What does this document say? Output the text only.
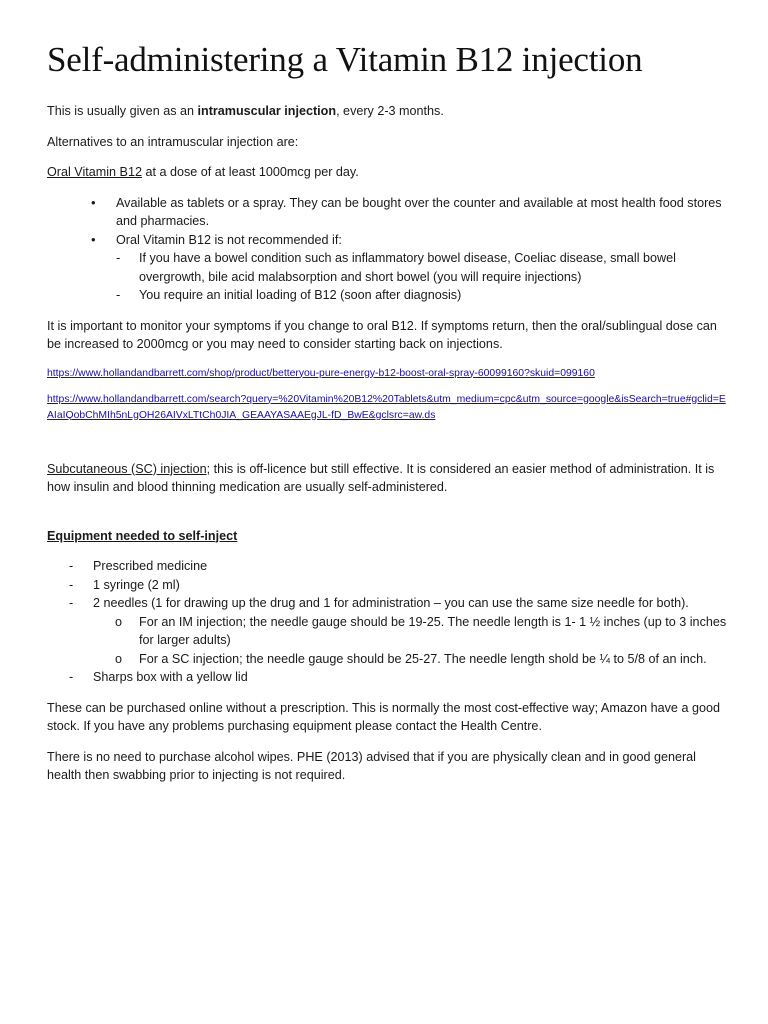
Self-administering a Vitamin B12 injection

This is usually given as an intramuscular injection, every 2-3 months.

Alternatives to an intramuscular injection are:

Oral Vitamin B12 at a dose of at least 1000mcg per day.

• Available as tablets or a spray. They can be bought over the counter and available at most health food stores and pharmacies.
• Oral Vitamin B12 is not recommended if:
- If you have a bowel condition such as inflammatory bowel disease, Coeliac disease, small bowel overgrowth, bile acid malabsorption and short bowel (you will require injections)
- You require an initial loading of B12 (soon after diagnosis)

It is important to monitor your symptoms if you change to oral B12. If symptoms return, then the oral/sublingual dose can be increased to 2000mcg or you may need to consider starting back on injections.

https://www.hollandandbarrett.com/shop/product/betteryou-pure-energy-b12-boost-oral-spray-60099160?skuid=099160

https://www.hollandandbarrett.com/search?query=%20Vitamin%20B12%20Tablets&utm_medium=cpc&utm_source=google&isSearch=true#gclid=EAIaIQobChMIh5nLgOH26AIVxLTtCh0JIA_GEAAYASAAEgJL-fD_BwE&gclsrc=aw.ds

Subcutaneous (SC) injection; this is off-licence but still effective. It is considered an easier method of administration. It is how insulin and blood thinning medication are usually self-administered.

Equipment needed to self-inject

- Prescribed medicine
- 1 syringe (2 ml)
- 2 needles (1 for drawing up the drug and 1 for administration – you can use the same size needle for both).
o For an IM injection; the needle gauge should be 19-25. The needle length is 1- 1 ½ inches (up to 3 inches for larger adults)
o For a SC injection; the needle gauge should be 25-27. The needle length shold be ¼ to 5/8 of an inch.
- Sharps box with a yellow lid

These can be purchased online without a prescription. This is normally the most cost-effective way; Amazon have a good stock. If you have any problems purchasing equipment please contact the Health Centre.

There is no need to purchase alcohol wipes. PHE (2013) advised that if you are physically clean and in good general health then swabbing prior to injecting is not required.
